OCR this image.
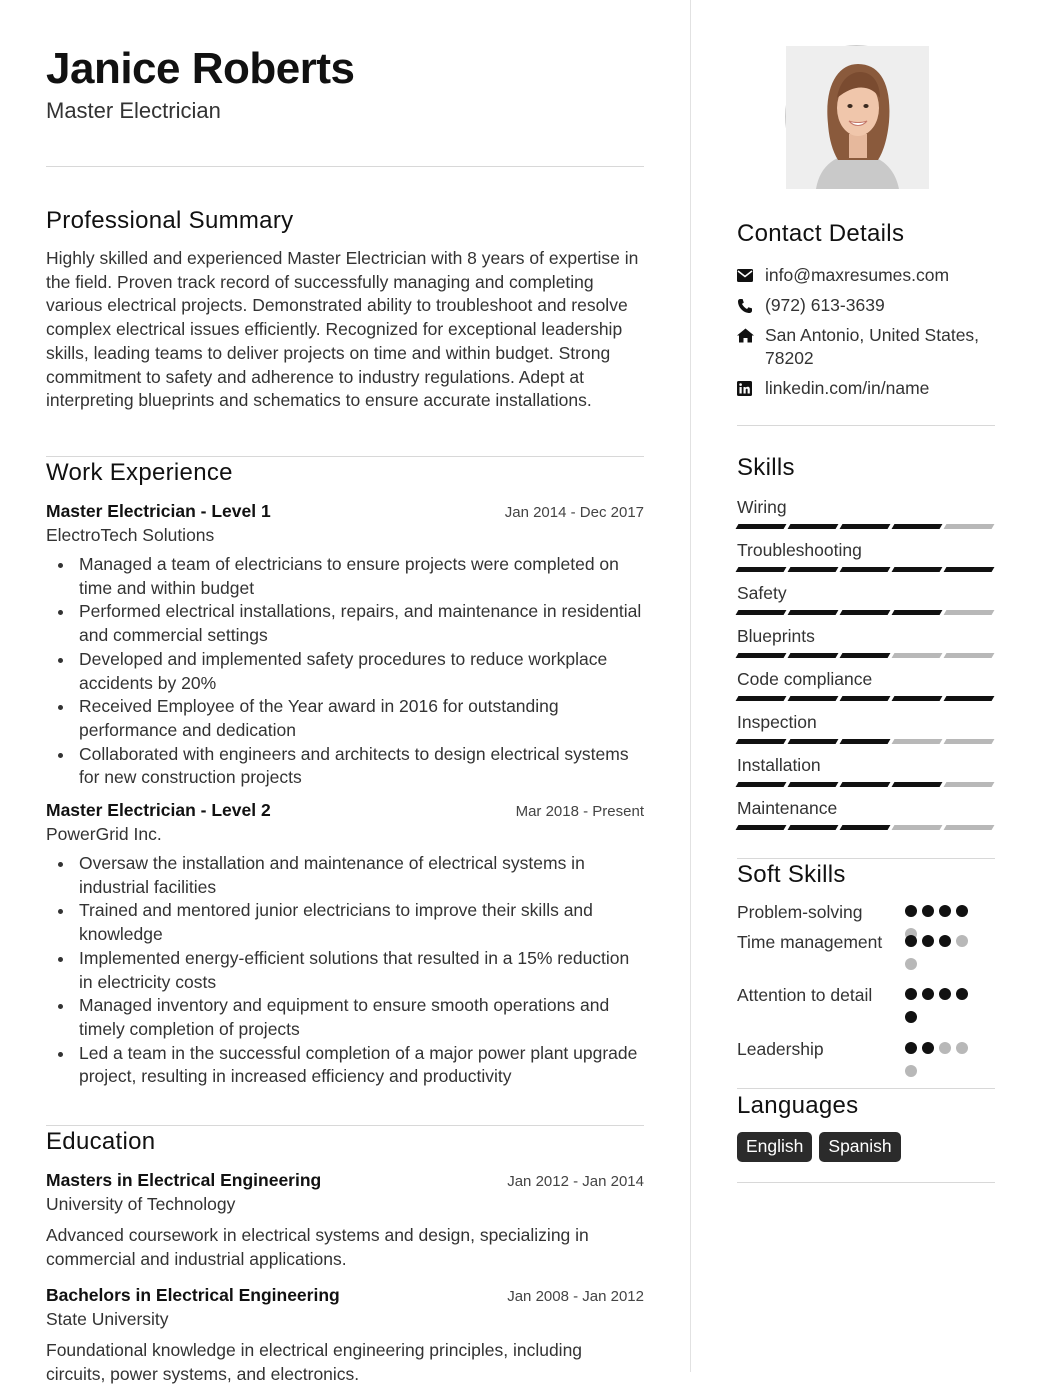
Janice Roberts
Master Electrician
Professional Summary

Highly skilled and experienced Master Electrician with 8 years of expertise in the field. Proven track record of successfully managing and completing various electrical projects. Demonstrated ability to troubleshoot and resolve complex electrical issues efficiently. Recognized for exceptional leadership skills, leading teams to deliver projects on time and within budget. Strong commitment to safety and adherence to industry regulations. Adept at interpreting blueprints and schematics to ensure accurate installations.

Work Experience
Master Electrician - Level 1	Jan 2014 - Dec 2017
ElectroTech Solutions
Managed a team of electricians to ensure projects were completed on time and within budget
Performed electrical installations, repairs, and maintenance in residential and commercial settings
Developed and implemented safety procedures to reduce workplace accidents by 20%
Received Employee of the Year award in 2016 for outstanding performance and dedication
Collaborated with engineers and architects to design electrical systems for new construction projects
Master Electrician - Level 2	Mar 2018 - Present
PowerGrid Inc.
Oversaw the installation and maintenance of electrical systems in industrial facilities
Trained and mentored junior electricians to improve their skills and knowledge
Implemented energy-efficient solutions that resulted in a 15% reduction in electricity costs
Managed inventory and equipment to ensure smooth operations and timely completion of projects
Led a team in the successful completion of a major power plant upgrade project, resulting in increased efficiency and productivity
Education
Masters in Electrical Engineering	Jan 2012 - Jan 2014
University of Technology

Advanced coursework in electrical systems and design, specializing in commercial and industrial applications.

Bachelors in Electrical Engineering	Jan 2008 - Jan 2012
State University

Foundational knowledge in electrical engineering principles, including circuits, power systems, and electronics.

Contact Details
info@maxresumes.com
(972) 613-3639
San Antonio, United States, 78202
linkedin.com/in/name
Skills
Wiring
Troubleshooting
Safety
Blueprints
Code compliance
Inspection
Installation
Maintenance
Soft Skills
Problem-solving
Time management
Attention to detail
Leadership
Languages
English	Spanish
